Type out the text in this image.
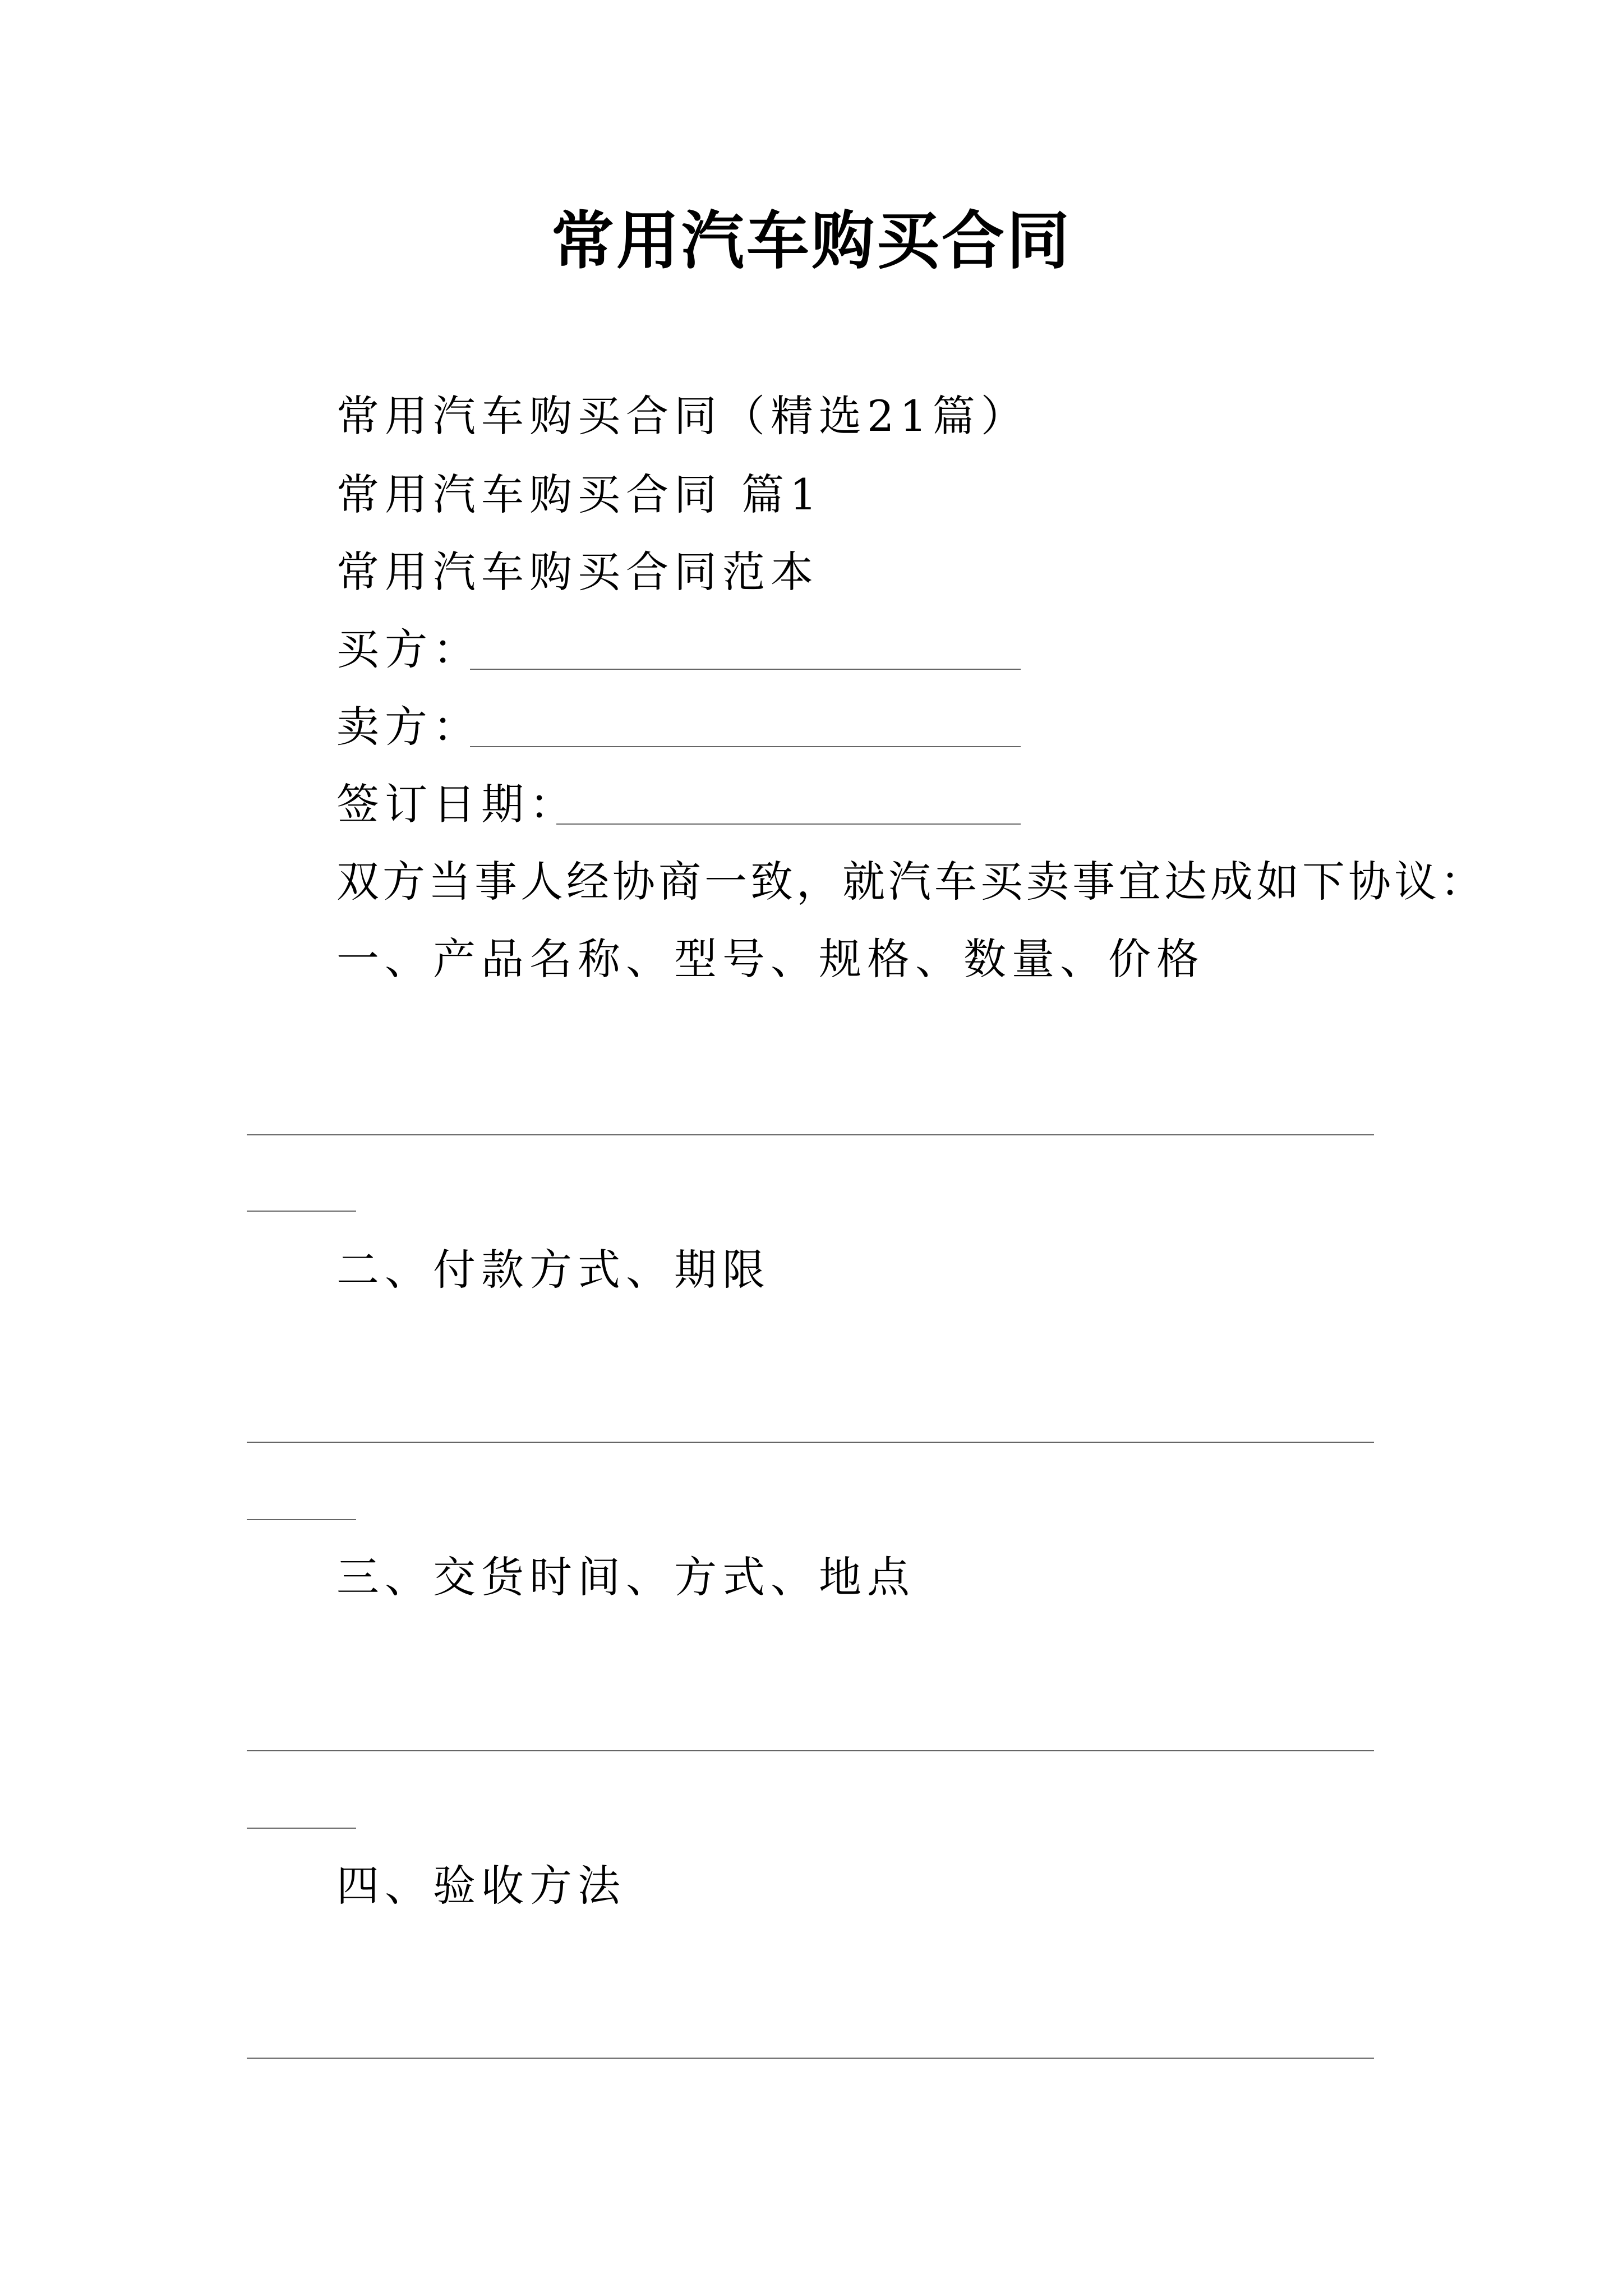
常用汽车购买合同
常用汽车购买合同（精选21篇）
常用汽车购买合同 篇1
常用汽车购买合同范本
买方：
卖方：
签订日期：
双方当事人经协商一致，就汽车买卖事宜达成如下协议：
一、产品名称、型号、规格、数量、价格
二、付款方式、期限
三、交货时间、方式、地点
四、验收方法
